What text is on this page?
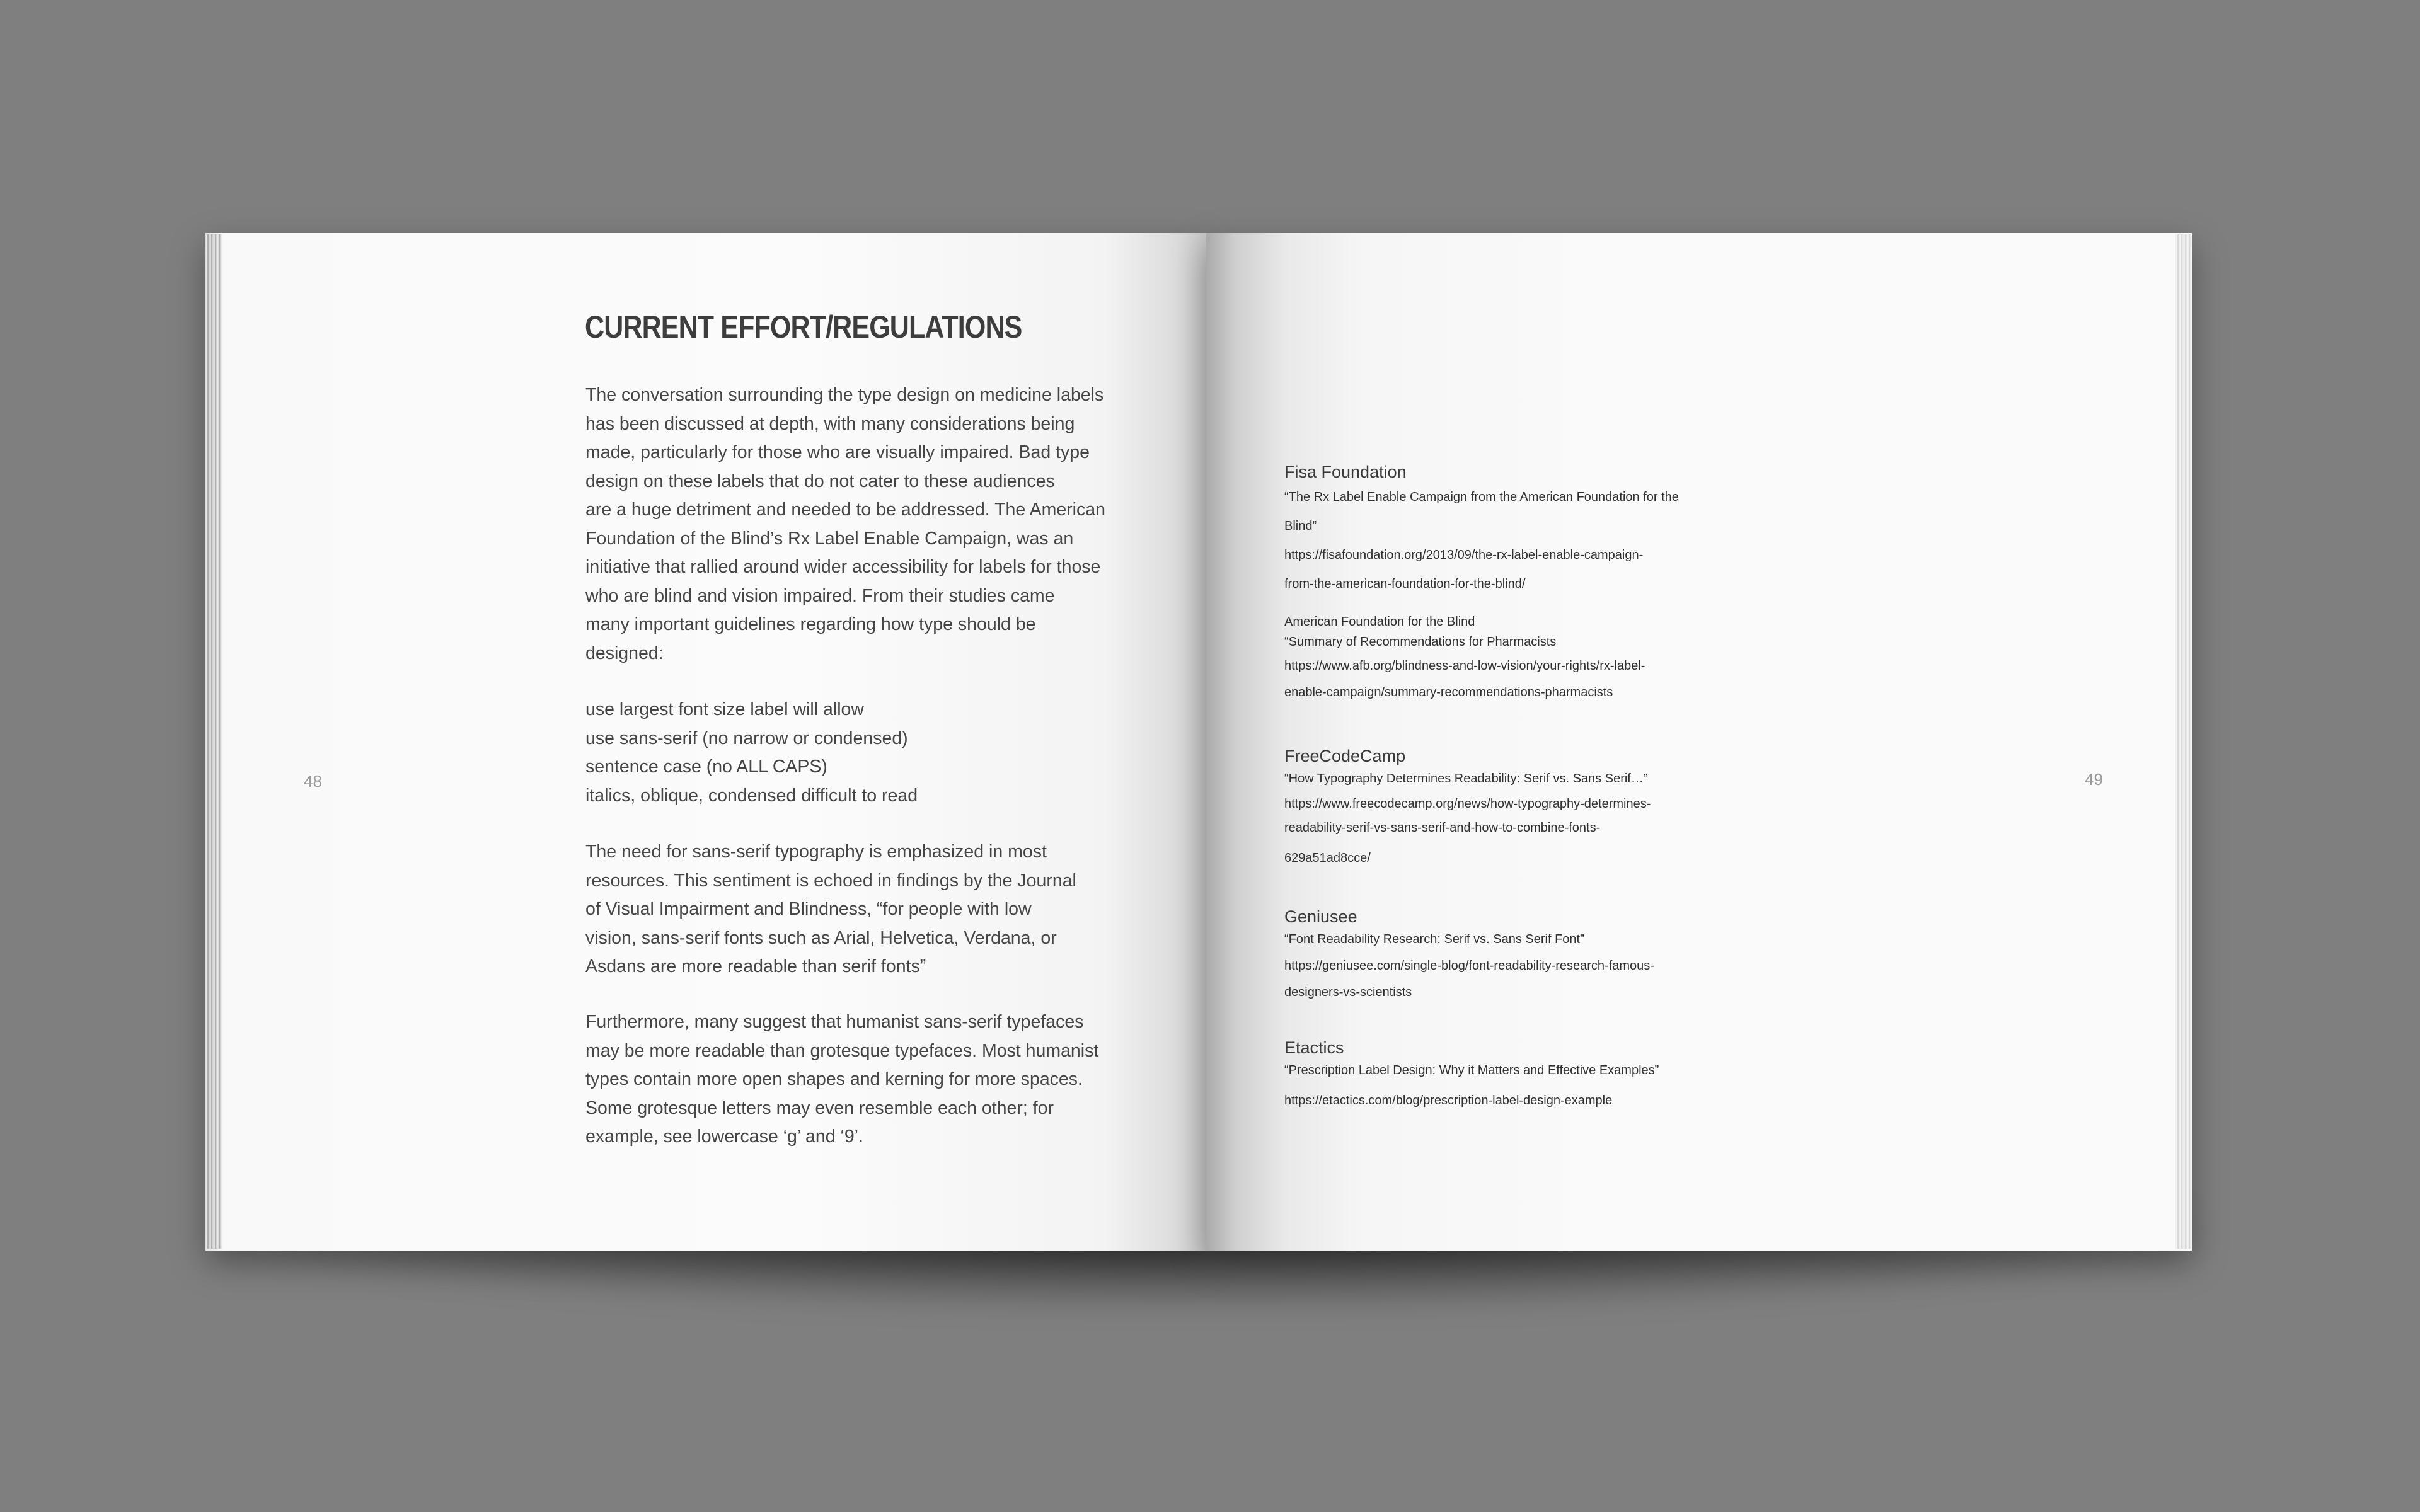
CURRENT EFFORT/REGULATIONS
The conversation surrounding the type design on medicine labels
has been discussed at depth, with many considerations being
made, particularly for those who are visually impaired. Bad type
design on these labels that do not cater to these audiences
are a huge detriment and needed to be addressed. The American
Foundation of the Blind’s Rx Label Enable Campaign, was an
initiative that rallied around wider accessibility for labels for those
who are blind and vision impaired. From their studies came
many important guidelines regarding how type should be
designed:
use largest font size label will allow
use sans-serif (no narrow or condensed)
sentence case (no ALL CAPS)
italics, oblique, condensed difficult to read
The need for sans-serif typography is emphasized in most
resources. This sentiment is echoed in findings by the Journal
of Visual Impairment and Blindness, “for people with low
vision, sans-serif fonts such as Arial, Helvetica, Verdana, or
Asdans are more readable than serif fonts”
Furthermore, many suggest that humanist sans-serif typefaces
may be more readable than grotesque typefaces. Most humanist
types contain more open shapes and kerning for more spaces.
Some grotesque letters may even resemble each other; for
example, see lowercase ‘g’ and ‘9’.
48
Fisa Foundation
“The Rx Label Enable Campaign from the American Foundation for the
Blind”
https://fisafoundation.org/2013/09/the-rx-label-enable-campaign-
from-the-american-foundation-for-the-blind/
American Foundation for the Blind
“Summary of Recommendations for Pharmacists
https://www.afb.org/blindness-and-low-vision/your-rights/rx-label-
enable-campaign/summary-recommendations-pharmacists
FreeCodeCamp
“How Typography Determines Readability: Serif vs. Sans Serif…”
https://www.freecodecamp.org/news/how-typography-determines-
readability-serif-vs-sans-serif-and-how-to-combine-fonts-
629a51ad8cce/
Geniusee
“Font Readability Research: Serif vs. Sans Serif Font”
https://geniusee.com/single-blog/font-readability-research-famous-
designers-vs-scientists
Etactics
“Prescription Label Design: Why it Matters and Effective Examples”
https://etactics.com/blog/prescription-label-design-example
49
